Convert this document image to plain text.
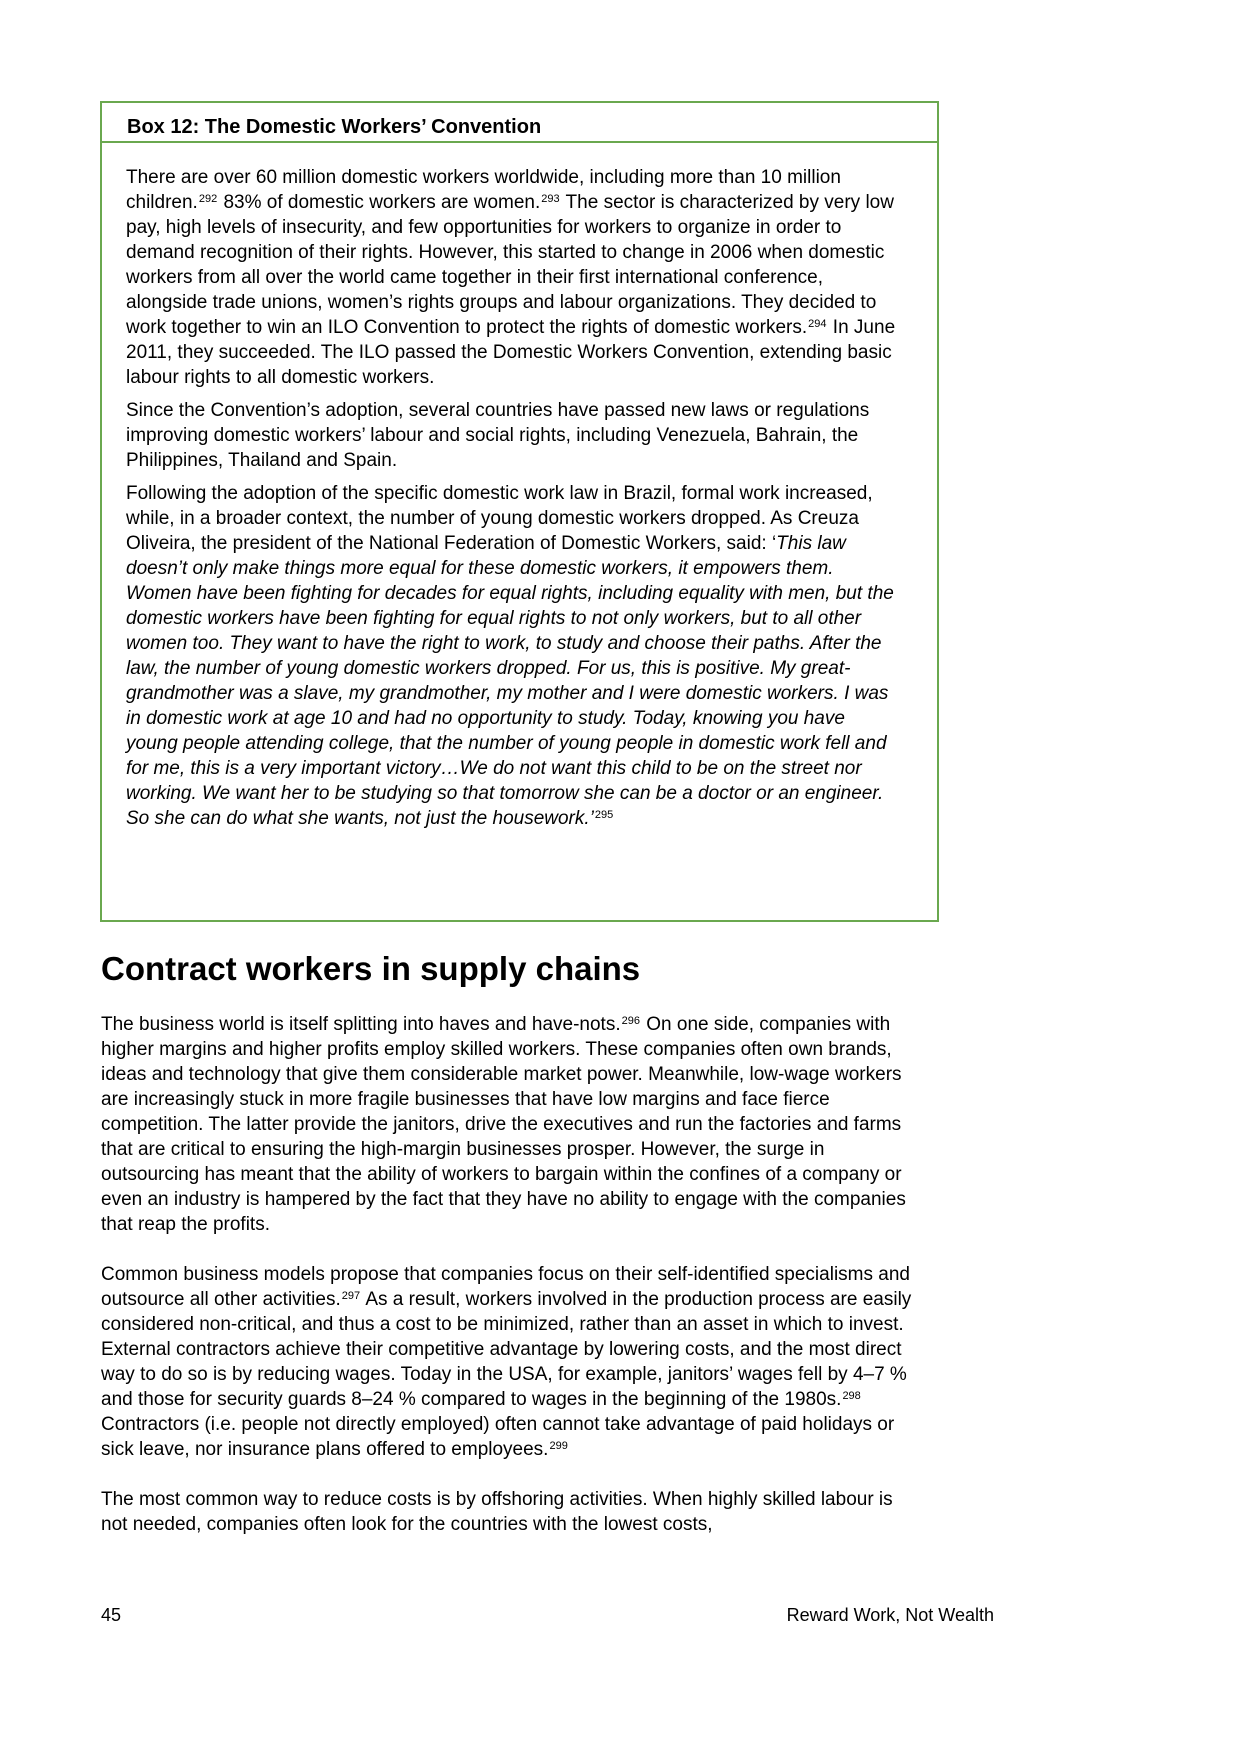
Box 12: The Domestic Workers’ Convention

There are over 60 million domestic workers worldwide, including more than 10 million children.$^{292}$ 83% of domestic workers are women.$^{293}$ The sector is characterized by very low pay, high levels of insecurity, and few opportunities for workers to organize in order to demand recognition of their rights. However, this started to change in 2006 when domestic workers from all over the world came together in their first international conference, alongside trade unions, women’s rights groups and labour organizations. They decided to work together to win an ILO Convention to protect the rights of domestic workers.$^{294}$ In June 2011, they succeeded. The ILO passed the Domestic Workers Convention, extending basic labour rights to all domestic workers.

Since the Convention’s adoption, several countries have passed new laws or regulations improving domestic workers’ labour and social rights, including Venezuela, Bahrain, the Philippines, Thailand and Spain.

Following the adoption of the specific domestic work law in Brazil, formal work increased, while, in a broader context, the number of young domestic workers dropped. As Creuza Oliveira, the president of the National Federation of Domestic Workers, said: ‘This law doesn’t only make things more equal for these domestic workers, it empowers them. Women have been fighting for decades for equal rights, including equality with men, but the domestic workers have been fighting for equal rights to not only workers, but to all other women too. They want to have the right to work, to study and choose their paths. After the law, the number of young domestic workers dropped. For us, this is positive. My great-grandmother was a slave, my grandmother, my mother and I were domestic workers. I was in domestic work at age 10 and had no opportunity to study. Today, knowing you have young people attending college, that the number of young people in domestic work fell and for me, this is a very important victory…We do not want this child to be on the street nor working. We want her to be studying so that tomorrow she can be a doctor or an engineer. So she can do what she wants, not just the housework.’$^{295}$

Contract workers in supply chains

The business world is itself splitting into haves and have-nots.$^{296}$ On one side, companies with higher margins and higher profits employ skilled workers. These companies often own brands, ideas and technology that give them considerable market power. Meanwhile, low-wage workers are increasingly stuck in more fragile businesses that have low margins and face fierce competition. The latter provide the janitors, drive the executives and run the factories and farms that are critical to ensuring the high-margin businesses prosper. However, the surge in outsourcing has meant that the ability of workers to bargain within the confines of a company or even an industry is hampered by the fact that they have no ability to engage with the companies that reap the profits.

Common business models propose that companies focus on their self-identified specialisms and outsource all other activities.$^{297}$ As a result, workers involved in the production process are easily considered non-critical, and thus a cost to be minimized, rather than an asset in which to invest. External contractors achieve their competitive advantage by lowering costs, and the most direct way to do so is by reducing wages. Today in the USA, for example, janitors’ wages fell by 4–7 % and those for security guards 8–24 % compared to wages in the beginning of the 1980s.$^{298}$ Contractors (i.e. people not directly employed) often cannot take advantage of paid holidays or sick leave, nor insurance plans offered to employees.$^{299}$

The most common way to reduce costs is by offshoring activities. When highly skilled labour is not needed, companies often look for the countries with the lowest costs,

45	Reward Work, Not Wealth
